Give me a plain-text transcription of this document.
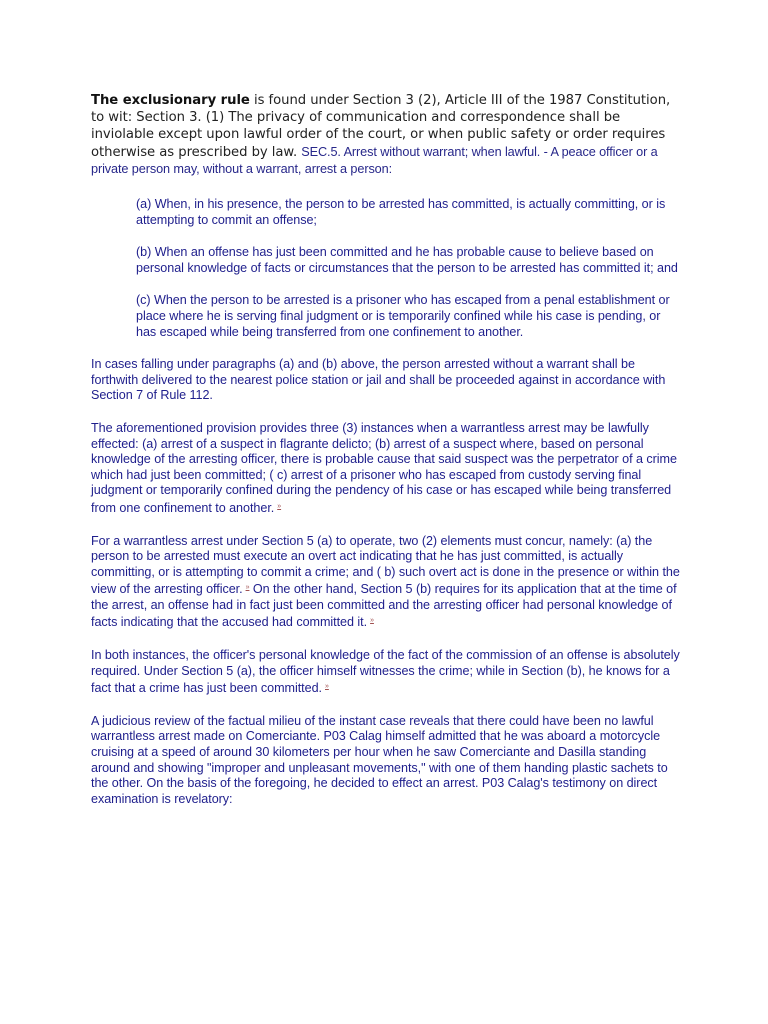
The exclusionary rule is found under Section 3 (2), Article III of the 1987 Constitution, to wit: Section 3. (1) The privacy of communication and correspondence shall be inviolable except upon lawful order of the court, or when public safety or order requires otherwise as prescribed by law. SEC.5. Arrest without warrant; when lawful. - A peace officer or a private person may, without a warrant, arrest a person:

(a) When, in his presence, the person to be arrested has committed, is actually committing, or is attempting to commit an offense;

(b) When an offense has just been committed and he has probable cause to believe based on personal knowledge of facts or circumstances that the person to be arrested has committed it; and

(c) When the person to be arrested is a prisoner who has escaped from a penal establishment or place where he is serving final judgment or is temporarily confined while his case is pending, or has escaped while being transferred from one confinement to another.

In cases falling under paragraphs (a) and (b) above, the person arrested without a warrant shall be forthwith delivered to the nearest police station or jail and shall be proceeded against in accordance with Section 7 of Rule 112.

The aforementioned provision provides three (3) instances when a warrantless arrest may be lawfully effected: (a) arrest of a suspect in flagrante delicto; (b) arrest of a suspect where, based on personal knowledge of the arresting officer, there is probable cause that said suspect was the perpetrator of a crime which had just been committed; ( c) arrest of a prisoner who has escaped from custody serving final judgment or temporarily confined during the pendency of his case or has escaped while being transferred from one confinement to another. »

For a warrantless arrest under Section 5 (a) to operate, two (2) elements must concur, namely: (a) the person to be arrested must execute an overt act indicating that he has just committed, is actually committing, or is attempting to commit a crime; and ( b) such overt act is done in the presence or within the view of the arresting officer. » On the other hand, Section 5 (b) requires for its application that at the time of the arrest, an offense had in fact just been committed and the arresting officer had personal knowledge of facts indicating that the accused had committed it. »

In both instances, the officer's personal knowledge of the fact of the commission of an offense is absolutely required. Under Section 5 (a), the officer himself witnesses the crime; while in Section (b), he knows for a fact that a crime has just been committed. »

A judicious review of the factual milieu of the instant case reveals that there could have been no lawful warrantless arrest made on Comerciante. P03 Calag himself admitted that he was aboard a motorcycle cruising at a speed of around 30 kilometers per hour when he saw Comerciante and Dasilla standing around and showing "improper and unpleasant movements," with one of them handing plastic sachets to the other. On the basis of the foregoing, he decided to effect an arrest. P03 Calag's testimony on direct examination is revelatory:
